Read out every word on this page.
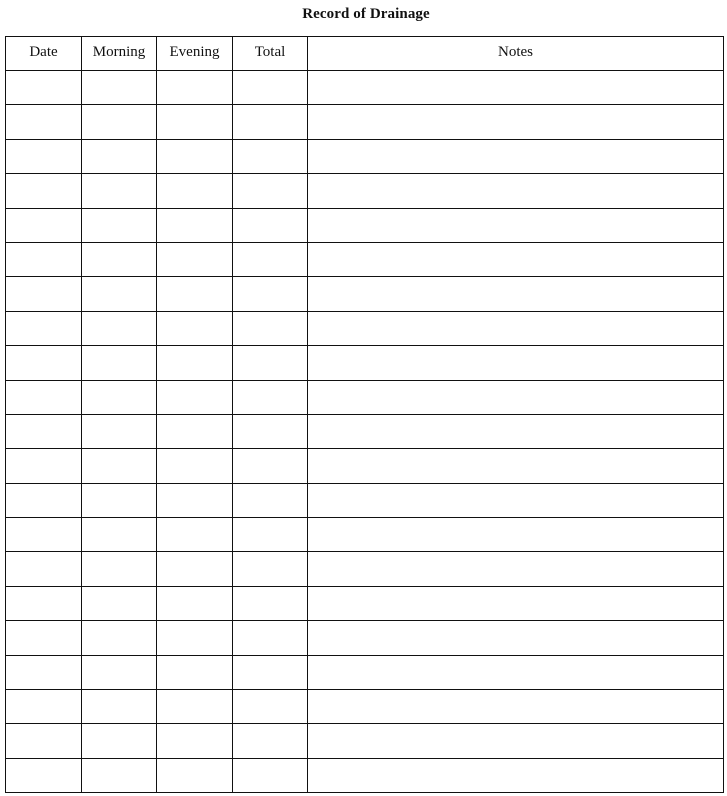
Record of Drainage
Date	Morning	Evening	Total	Notes
